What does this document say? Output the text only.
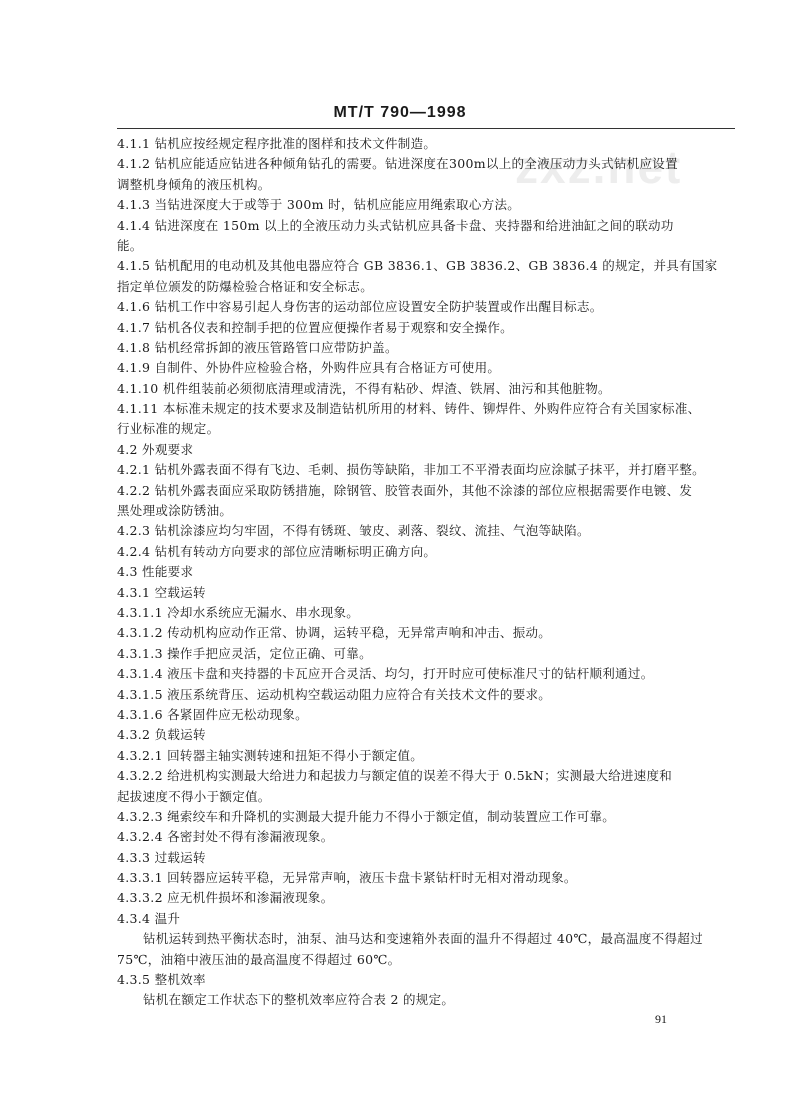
MT/T 790—1998
zxz.net
4.1.1 钻机应按经规定程序批准的图样和技术文件制造。
4.1.2 钻机应能适应钻进各种倾角钻孔的需要。钻进深度在300m以上的全液压动力头式钻机应设置
调整机身倾角的液压机构。
4.1.3 当钻进深度大于或等于 300m 时，钻机应能应用绳索取心方法。
4.1.4 钻进深度在 150m 以上的全液压动力头式钻机应具备卡盘、夹持器和给进油缸之间的联动功
能。
4.1.5 钻机配用的电动机及其他电器应符合 GB 3836.1、GB 3836.2、GB 3836.4 的规定，并具有国家
指定单位颁发的防爆检验合格证和安全标志。
4.1.6 钻机工作中容易引起人身伤害的运动部位应设置安全防护装置或作出醒目标志。
4.1.7 钻机各仪表和控制手把的位置应便操作者易于观察和安全操作。
4.1.8 钻机经常拆卸的液压管路管口应带防护盖。
4.1.9 自制件、外协件应检验合格，外购件应具有合格证方可使用。
4.1.10 机件组装前必须彻底清理或清洗，不得有粘砂、焊渣、铁屑、油污和其他脏物。
4.1.11 本标准未规定的技术要求及制造钻机所用的材料、铸件、铆焊件、外购件应符合有关国家标准、
行业标准的规定。
4.2 外观要求
4.2.1 钻机外露表面不得有飞边、毛刺、损伤等缺陷，非加工不平滑表面均应涂腻子抹平，并打磨平整。
4.2.2 钻机外露表面应采取防锈措施，除钢管、胶管表面外，其他不涂漆的部位应根据需要作电镀、发
黑处理或涂防锈油。
4.2.3 钻机涂漆应均匀牢固，不得有锈斑、皱皮、剥落、裂纹、流挂、气泡等缺陷。
4.2.4 钻机有转动方向要求的部位应清晰标明正确方向。
4.3 性能要求
4.3.1 空载运转
4.3.1.1 冷却水系统应无漏水、串水现象。
4.3.1.2 传动机构应动作正常、协调，运转平稳，无异常声响和冲击、振动。
4.3.1.3 操作手把应灵活，定位正确、可靠。
4.3.1.4 液压卡盘和夹持器的卡瓦应开合灵活、均匀，打开时应可使标准尺寸的钻杆顺利通过。
4.3.1.5 液压系统背压、运动机构空载运动阻力应符合有关技术文件的要求。
4.3.1.6 各紧固件应无松动现象。
4.3.2 负载运转
4.3.2.1 回转器主轴实测转速和扭矩不得小于额定值。
4.3.2.2 给进机构实测最大给进力和起拔力与额定值的误差不得大于 0.5kN；实测最大给进速度和
起拔速度不得小于额定值。
4.3.2.3 绳索绞车和升降机的实测最大提升能力不得小于额定值，制动装置应工作可靠。
4.3.2.4 各密封处不得有渗漏液现象。
4.3.3 过载运转
4.3.3.1 回转器应运转平稳，无异常声响，液压卡盘卡紧钻杆时无相对滑动现象。
4.3.3.2 应无机件损坏和渗漏液现象。
4.3.4 温升
钻机运转到热平衡状态时，油泵、油马达和变速箱外表面的温升不得超过 40℃，最高温度不得超过
75℃，油箱中液压油的最高温度不得超过 60℃。
4.3.5 整机效率
钻机在额定工作状态下的整机效率应符合表 2 的规定。
91
